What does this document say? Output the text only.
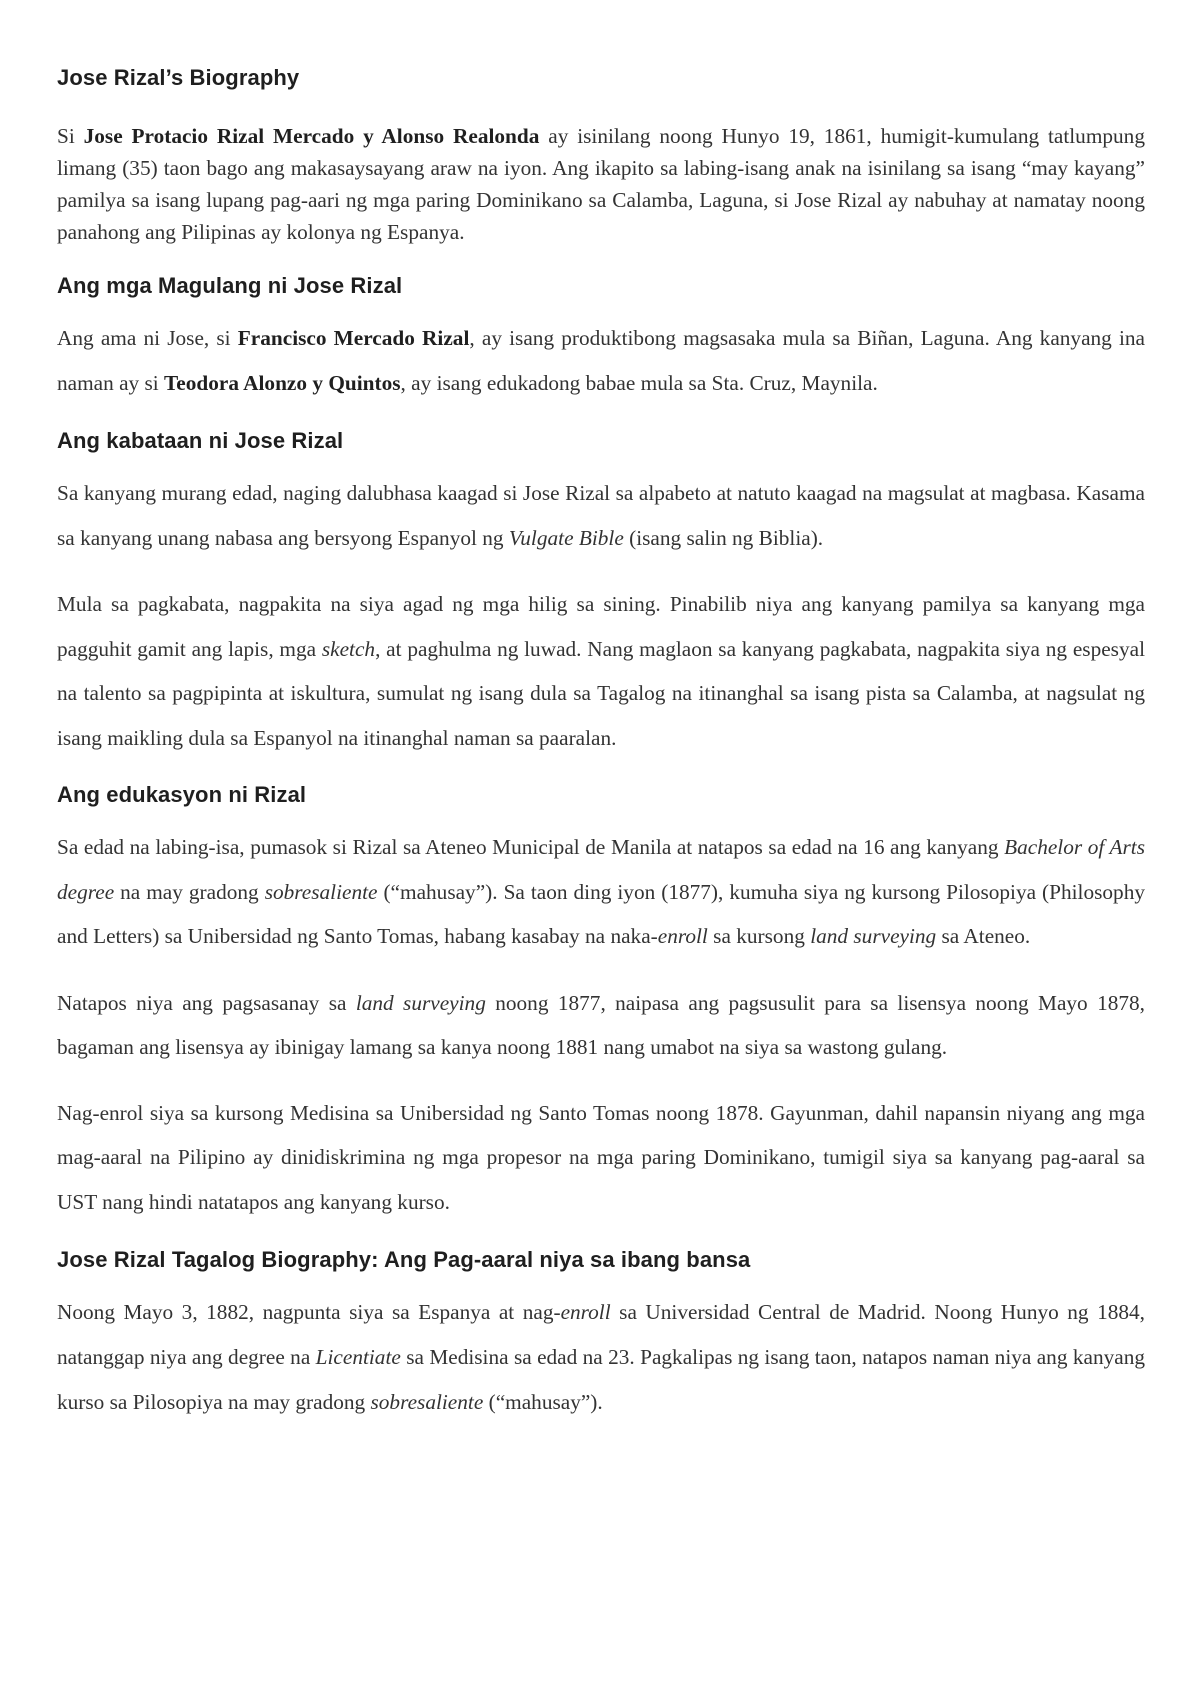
Jose Rizal’s Biography

Si Jose Protacio Rizal Mercado y Alonso Realonda ay isinilang noong Hunyo 19, 1861, humigit-kumulang tatlumpung limang (35) taon bago ang makasaysayang araw na iyon. Ang ikapito sa labing-isang anak na isinilang sa isang “may kayang” pamilya sa isang lupang pag-aari ng mga paring Dominikano sa Calamba, Laguna, si Jose Rizal ay nabuhay at namatay noong panahong ang Pilipinas ay kolonya ng Espanya.

Ang mga Magulang ni Jose Rizal

Ang ama ni Jose, si Francisco Mercado Rizal, ay isang produktibong magsasaka mula sa Biñan, Laguna. Ang kanyang ina naman ay si Teodora Alonzo y Quintos, ay isang edukadong babae mula sa Sta. Cruz, Maynila.

Ang kabataan ni Jose Rizal

Sa kanyang murang edad, naging dalubhasa kaagad si Jose Rizal sa alpabeto at natuto kaagad na magsulat at magbasa. Kasama sa kanyang unang nabasa ang bersyong Espanyol ng Vulgate Bible (isang salin ng Biblia).

Mula sa pagkabata, nagpakita na siya agad ng mga hilig sa sining. Pinabilib niya ang kanyang pamilya sa kanyang mga pagguhit gamit ang lapis, mga sketch, at paghulma ng luwad. Nang maglaon sa kanyang pagkabata, nagpakita siya ng espesyal na talento sa pagpipinta at iskultura, sumulat ng isang dula sa Tagalog na itinanghal sa isang pista sa Calamba, at nagsulat ng isang maikling dula sa Espanyol na itinanghal naman sa paaralan.

Ang edukasyon ni Rizal

Sa edad na labing-isa, pumasok si Rizal sa Ateneo Municipal de Manila at natapos sa edad na 16 ang kanyang Bachelor of Arts degree na may gradong sobresaliente (“mahusay”). Sa taon ding iyon (1877), kumuha siya ng kursong Pilosopiya (Philosophy and Letters) sa Unibersidad ng Santo Tomas, habang kasabay na naka-enroll sa kursong land surveying sa Ateneo.

Natapos niya ang pagsasanay sa land surveying noong 1877, naipasa ang pagsusulit para sa lisensya noong Mayo 1878, bagaman ang lisensya ay ibinigay lamang sa kanya noong 1881 nang umabot na siya sa wastong gulang.

Nag-enrol siya sa kursong Medisina sa Unibersidad ng Santo Tomas noong 1878. Gayunman, dahil napansin niyang ang mga mag-aaral na Pilipino ay dinidiskrimina ng mga propesor na mga paring Dominikano, tumigil siya sa kanyang pag-aaral sa UST nang hindi natatapos ang kanyang kurso.

Jose Rizal Tagalog Biography: Ang Pag-aaral niya sa ibang bansa

Noong Mayo 3, 1882, nagpunta siya sa Espanya at nag-enroll sa Universidad Central de Madrid. Noong Hunyo ng 1884, natanggap niya ang degree na Licentiate sa Medisina sa edad na 23. Pagkalipas ng isang taon, natapos naman niya ang kanyang kurso sa Pilosopiya na may gradong sobresaliente (“mahusay”).
